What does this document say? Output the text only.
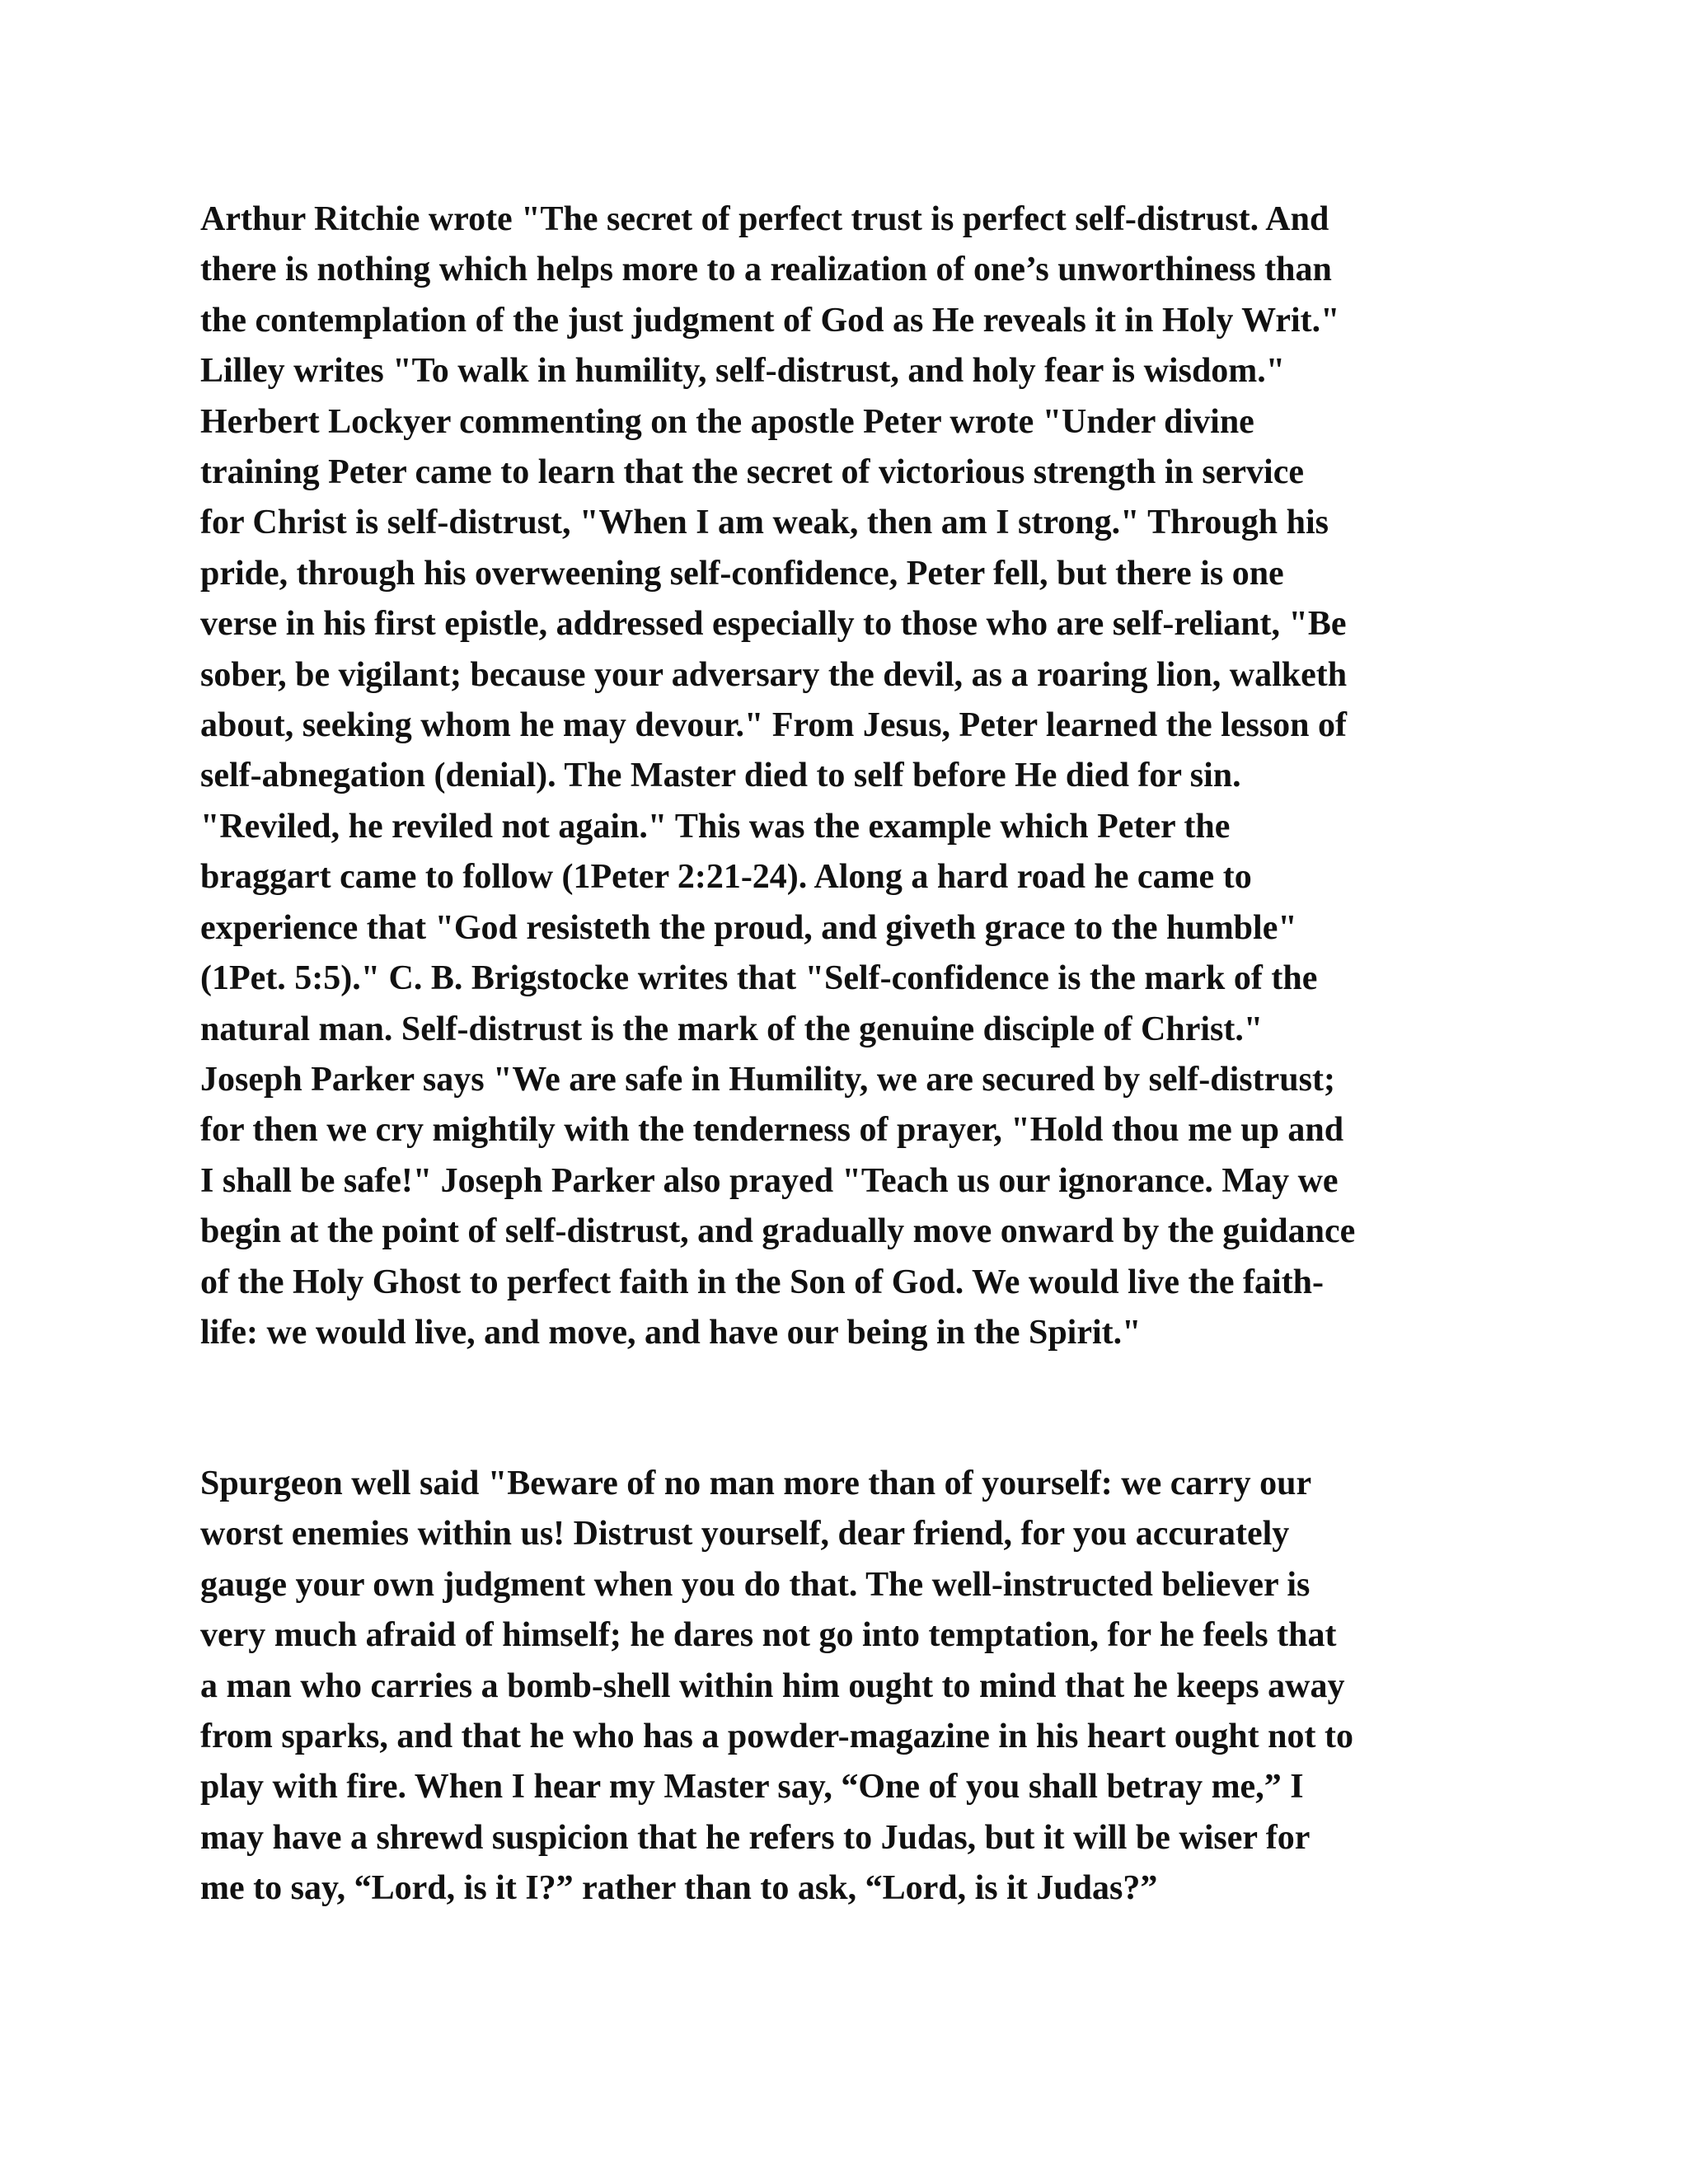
Arthur Ritchie wrote "The secret of perfect trust is perfect self-distrust. And
there is nothing which helps more to a realization of one’s unworthiness than
the contemplation of the just judgment of God as He reveals it in Holy Writ."
Lilley writes "To walk in humility, self-distrust, and holy fear is wisdom."
Herbert Lockyer commenting on the apostle Peter wrote "Under divine
training Peter came to learn that the secret of victorious strength in service
for Christ is self-distrust, "When I am weak, then am I strong." Through his
pride, through his overweening self-confidence, Peter fell, but there is one
verse in his first epistle, addressed especially to those who are self-reliant, "Be
sober, be vigilant; because your adversary the devil, as a roaring lion, walketh
about, seeking whom he may devour." From Jesus, Peter learned the lesson of
self-abnegation (denial). The Master died to self before He died for sin.
"Reviled, he reviled not again." This was the example which Peter the
braggart came to follow (1Peter 2:21-24). Along a hard road he came to
experience that "God resisteth the proud, and giveth grace to the humble"
(1Pet. 5:5)." C. B. Brigstocke writes that "Self-confidence is the mark of the
natural man. Self-distrust is the mark of the genuine disciple of Christ."
Joseph Parker says "We are safe in Humility, we are secured by self-distrust;
for then we cry mightily with the tenderness of prayer, "Hold thou me up and
I shall be safe!" Joseph Parker also prayed "Teach us our ignorance. May we
begin at the point of self-distrust, and gradually move onward by the guidance
of the Holy Ghost to perfect faith in the Son of God. We would live the faith-
life: we would live, and move, and have our being in the Spirit."
Spurgeon well said "Beware of no man more than of yourself: we carry our
worst enemies within us! Distrust yourself, dear friend, for you accurately
gauge your own judgment when you do that. The well-instructed believer is
very much afraid of himself; he dares not go into temptation, for he feels that
a man who carries a bomb-shell within him ought to mind that he keeps away
from sparks, and that he who has a powder-magazine in his heart ought not to
play with fire. When I hear my Master say, “One of you shall betray me,” I
may have a shrewd suspicion that he refers to Judas, but it will be wiser for
me to say, “Lord, is it I?” rather than to ask, “Lord, is it Judas?”
